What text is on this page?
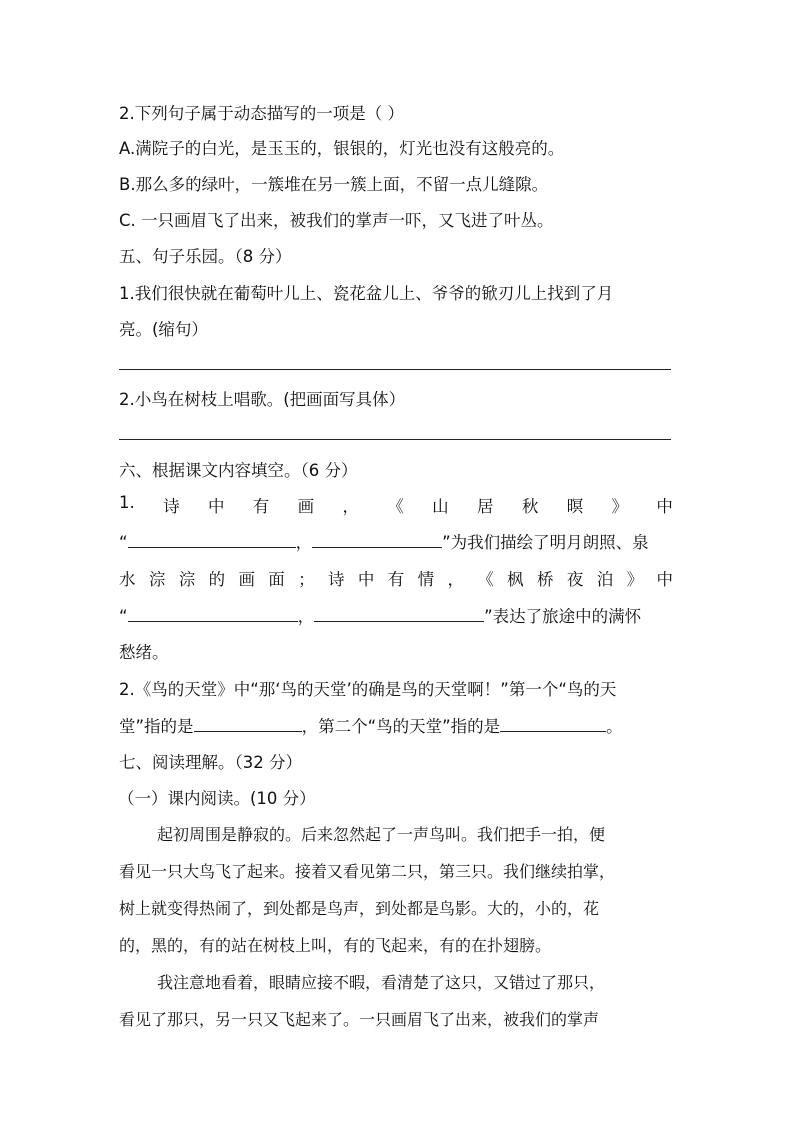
2.下列句子属于动态描写的一项是（ ）
A.满院子的白光，是玉玉的，银银的，灯光也没有这般亮的。
B.那么多的绿叶，一簇堆在另一簇上面，不留一点儿缝隙。
C. 一只画眉飞了出来，被我们的掌声一吓，又飞进了叶丛。
五、句子乐园。（8 分）
1.我们很快就在葡萄叶儿上、瓷花盆儿上、爷爷的锨刃儿上找到了月
亮。(缩句）
2.小鸟在树枝上唱歌。(把画面写具体）
六、根据课文内容填空。（6 分）
1. 诗 中 有 画 ， 《 山 居 秋 暝 》 中
“	，	”为我们描绘了明月朗照、泉
水 淙 淙 的 画 面 ； 诗 中 有 情 ， 《 枫 桥 夜 泊 》 中
“	，	”表达了旅途中的满怀
愁绪。
2.《鸟的天堂》中“那‘鸟的天堂’的确是鸟的天堂啊！”第一个“鸟的天
堂”指的是	，第二个“鸟的天堂”指的是	。
七、阅读理解。（32 分）
（一）课内阅读。(10 分）
起初周围是静寂的。后来忽然起了一声鸟叫。我们把手一拍，便
看见一只大鸟飞了起来。接着又看见第二只，第三只。我们继续拍掌，
树上就变得热闹了，到处都是鸟声，到处都是鸟影。大的，小的，花
的，黑的，有的站在树枝上叫，有的飞起来，有的在扑翅膀。
我注意地看着，眼睛应接不暇，看清楚了这只，又错过了那只，
看见了那只，另一只又飞起来了。一只画眉飞了出来，被我们的掌声
